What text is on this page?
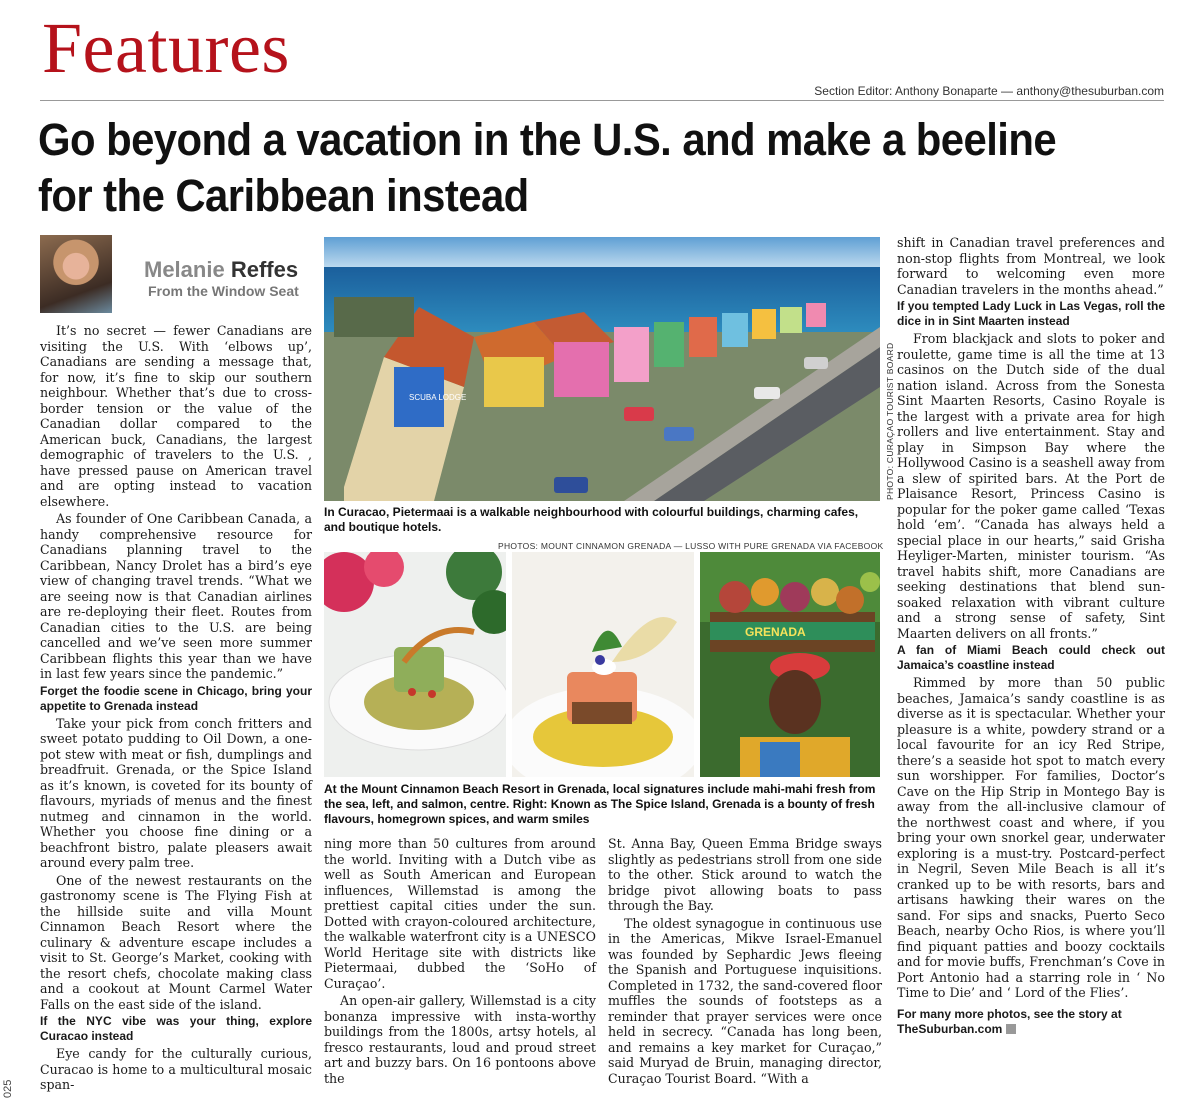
Features
Section Editor: Anthony Bonaparte — anthony@thesuburban.com
Go beyond a vacation in the U.S. and make a beeline for the Caribbean instead
Melanie Reffes
From the Window Seat

It’s no secret — fewer Canadians are visiting the U.S. With ‘elbows up’, Canadians are sending a message that, for now, it’s fine to skip our southern neighbour. Whether that’s due to cross-border tension or the value of the Canadian dollar compared to the American buck, Canadians, the largest demographic of travelers to the U.S. , have pressed pause on American travel and are opting instead to vacation elsewhere.

As founder of One Caribbean Canada, a handy comprehensive resource for Canadians planning travel to the Caribbean, Nancy Drolet has a bird’s eye view of changing travel trends. “What we are seeing now is that Canadian airlines are re-deploying their fleet. Routes from Canadian cities to the U.S. are being cancelled and we’ve seen more summer Caribbean flights this year than we have in last few years since the pandemic.”

Forget the foodie scene in Chicago, bring your appetite to Grenada instead

Take your pick from conch fritters and sweet potato pudding to Oil Down, a one-pot stew with meat or fish, dumplings and breadfruit. Grenada, or the Spice Island as it’s known, is coveted for its bounty of flavours, myriads of menus and the finest nutmeg and cinnamon in the world. Whether you choose fine dining or a beachfront bistro, palate pleasers await around every palm tree.

One of the newest restaurants on the gastronomy scene is The Flying Fish at the hillside suite and villa Mount Cinnamon Beach Resort where the culinary & adventure escape includes a visit to St. George’s Market, cooking with the resort chefs, chocolate making class and a cookout at Mount Carmel Water Falls on the east side of the island.

If the NYC vibe was your thing, explore Curacao instead

Eye candy for the culturally curious, Curacao is home to a multicultural mosaic span-

SCUBA LODGE	PHOTO: CURAÇAO TOURIST BOARD
In Curacao, Pietermaai is a walkable neighbourhood with colourful buildings, charming cafes, and boutique hotels.
PHOTOS: MOUNT CINNAMON GRENADA — LUSSO WITH PURE GRENADA VIA FACEBOOK
GRENADA
At the Mount Cinnamon Beach Resort in Grenada, local signatures include mahi-mahi fresh from the sea, left, and salmon, centre. Right: Known as The Spice Island, Grenada is a bounty of fresh flavours, homegrown spices, and warm smiles

ning more than 50 cultures from around the world. Inviting with a Dutch vibe as well as South American and European influences, Willemstad is among the prettiest capital cities under the sun. Dotted with crayon-coloured architecture, the walkable waterfront city is a UNESCO World Heritage site with districts like Pietermaai, dubbed the ‘SoHo of Curaçao’.

An open-air gallery, Willemstad is a city bonanza impressive with insta-worthy buildings from the 1800s, artsy hotels, al fresco restaurants, loud and proud street art and buzzy bars. On 16 pontoons above the

St. Anna Bay, Queen Emma Bridge sways slightly as pedestrians stroll from one side to the other. Stick around to watch the bridge pivot allowing boats to pass through the Bay.

The oldest synagogue in continuous use in the Americas, Mikve Israel-Emanuel was founded by Sephardic Jews fleeing the Spanish and Portuguese inquisitions. Completed in 1732, the sand-covered floor muffles the sounds of footsteps as a reminder that prayer services were once held in secrecy. “Canada has long been, and remains a key market for Curaçao,” said Muryad de Bruin, managing director, Curaçao Tourist Board. “With a

shift in Canadian travel preferences and non-stop flights from Montreal, we look forward to welcoming even more Canadian travelers in the months ahead.”

If you tempted Lady Luck in Las Vegas, roll the dice in in Sint Maarten instead

From blackjack and slots to poker and roulette, game time is all the time at 13 casinos on the Dutch side of the dual nation island. Across from the Sonesta Sint Maarten Resorts, Casino Royale is the largest with a private area for high rollers and live entertainment. Stay and play in Simpson Bay where the Hollywood Casino is a seashell away from a slew of spirited bars. At the Port de Plaisance Resort, Princess Casino is popular for the poker game called ‘Texas hold ‘em’. “Canada has always held a special place in our hearts,” said Grisha Heyliger-Marten, minister tourism. “As travel habits shift, more Canadians are seeking destinations that blend sun-soaked relaxation with vibrant culture and a strong sense of safety, Sint Maarten delivers on all fronts.”

A fan of Miami Beach could check out Jamaica’s coastline instead

Rimmed by more than 50 public beaches, Jamaica’s sandy coastline is as diverse as it is spectacular. Whether your pleasure is a white, powdery strand or a local favourite for an icy Red Stripe, there’s a seaside hot spot to match every sun worshipper. For families, Doctor’s Cave on the Hip Strip in Montego Bay is away from the all-inclusive clamour of the northwest coast and where, if you bring your own snorkel gear, underwater exploring is a must-try. Postcard-perfect in Negril, Seven Mile Beach is all it’s cranked up to be with resorts, bars and artisans hawking their wares on the sand. For sips and snacks, Puerto Seco Beach, nearby Ocho Rios, is where you’ll find piquant patties and boozy cocktails and for movie buffs, Frenchman’s Cove in Port Antonio had a starring role in ‘ No Time to Die’ and ‘ Lord of the Flies’.

For many more photos, see the story at
TheSuburban.com

025
